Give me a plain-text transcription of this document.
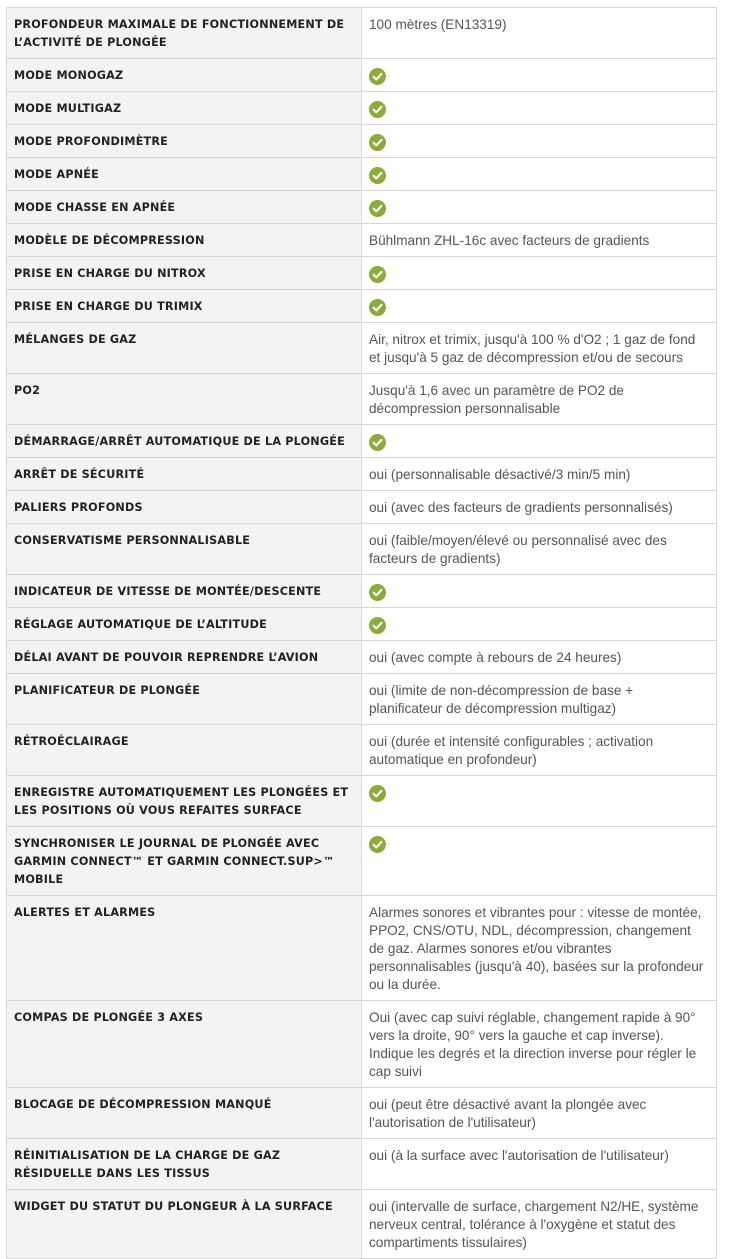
PROFONDEUR MAXIMALE DE FONCTIONNEMENT DE L’ACTIVITÉ DE PLONGÉE	100 mètres (EN13319)
MODE MONOGAZ	
MODE MULTIGAZ	
MODE PROFONDIMÈTRE	
MODE APNÉE	
MODE CHASSE EN APNÉE	
MODÈLE DE DÉCOMPRESSION	Bühlmann ZHL-16c avec facteurs de gradients
PRISE EN CHARGE DU NITROX	
PRISE EN CHARGE DU TRIMIX	
MÉLANGES DE GAZ	Air, nitrox et trimix, jusqu'à 100 % d'O2 ; 1 gaz de fond et jusqu'à 5 gaz de décompression et/ou de secours
PO2	Jusqu'à 1,6 avec un paramètre de PO2 de décompression personnalisable
DÉMARRAGE/ARRÊT AUTOMATIQUE DE LA PLONGÉE	
ARRÊT DE SÉCURITÉ	oui (personnalisable désactivé/3 min/5 min)
PALIERS PROFONDS	oui (avec des facteurs de gradients personnalisés)
CONSERVATISME PERSONNALISABLE	oui (faible/moyen/élevé ou personnalisé avec des facteurs de gradients)
INDICATEUR DE VITESSE DE MONTÉE/DESCENTE	
RÉGLAGE AUTOMATIQUE DE L’ALTITUDE	
DÉLAI AVANT DE POUVOIR REPRENDRE L’AVION	oui (avec compte à rebours de 24 heures)
PLANIFICATEUR DE PLONGÉE	oui (limite de non-décompression de base + planificateur de décompression multigaz)
RÉTROÉCLAIRAGE	oui (durée et intensité configurables ; activation automatique en profondeur)
ENREGISTRE AUTOMATIQUEMENT LES PLONGÉES ET LES POSITIONS OÙ VOUS REFAITES SURFACE	
SYNCHRONISER LE JOURNAL DE PLONGÉE AVEC GARMIN CONNECT™ ET GARMIN CONNECT.SUP>™ MOBILE	
ALERTES ET ALARMES	Alarmes sonores et vibrantes pour : vitesse de montée, PPO2, CNS/OTU, NDL, décompression, changement de gaz. Alarmes sonores et/ou vibrantes personnalisables (jusqu'à 40), basées sur la profondeur ou la durée.
COMPAS DE PLONGÉE 3 AXES	Oui (avec cap suivi réglable, changement rapide à 90° vers la droite, 90° vers la gauche et cap inverse). Indique les degrés et la direction inverse pour régler le cap suivi
BLOCAGE DE DÉCOMPRESSION MANQUÉ	oui (peut être désactivé avant la plongée avec l'autorisation de l'utilisateur)
RÉINITIALISATION DE LA CHARGE DE GAZ RÉSIDUELLE DANS LES TISSUS	oui (à la surface avec l'autorisation de l'utilisateur)
WIDGET DU STATUT DU PLONGEUR À LA SURFACE	oui (intervalle de surface, chargement N2/HE, système nerveux central, tolérance à l'oxygène et statut des compartiments tissulaires)
